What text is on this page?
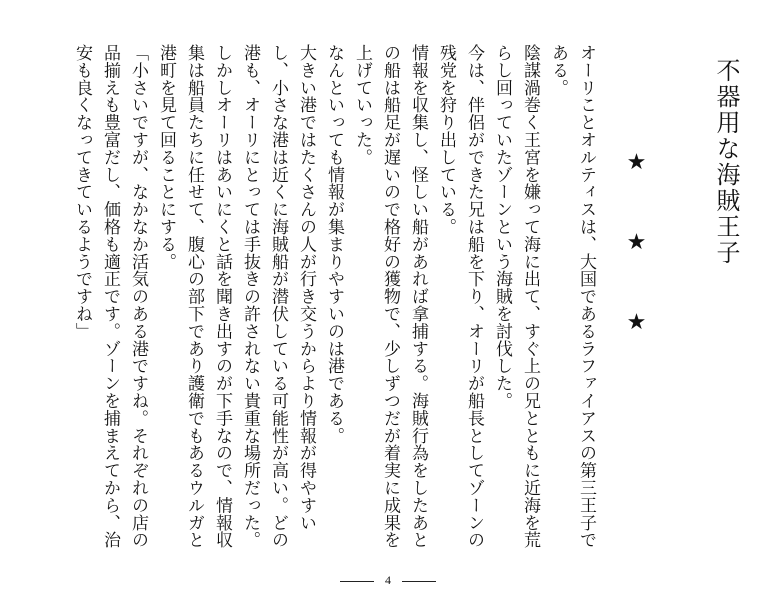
不器用な海賊王子
★ ★ ★

オーリことオルティスは、大国であるラファイアスの第三王子である。

陰謀渦巻く王宮を嫌って海に出て、すぐ上の兄とともに近海を荒らし回っていたゾーンという海賊を討伐した。

今は、伴侶ができた兄は船を下り、オーリが船長としてゾーンの残党を狩り出している。

情報を収集し、怪しい船があれば拿捕する。海賊行為をしたあとの船は船足が遅いので格好の獲物で、少しずつだが着実に成果を上げていった。

なんといっても情報が集まりやすいのは港である。

大きい港ではたくさんの人が行き交うからより情報が得やすいし、小さな港は近くに海賊船が潜伏している可能性が高い。どの港も、オーリにとっては手抜きの許されない貴重な場所だった。

しかしオーリはあいにくと話を聞き出すのが下手なので、情報収集は船員たちに任せて、腹心の部下であり護衛でもあるウルガと港町を見て回ることにする。

「小さいですが、なかなか活気のある港ですね。それぞれの店の品揃えも豊富だし、価格も適正です。ゾーンを捕まえてから、治安も良くなってきているようですね」

4
